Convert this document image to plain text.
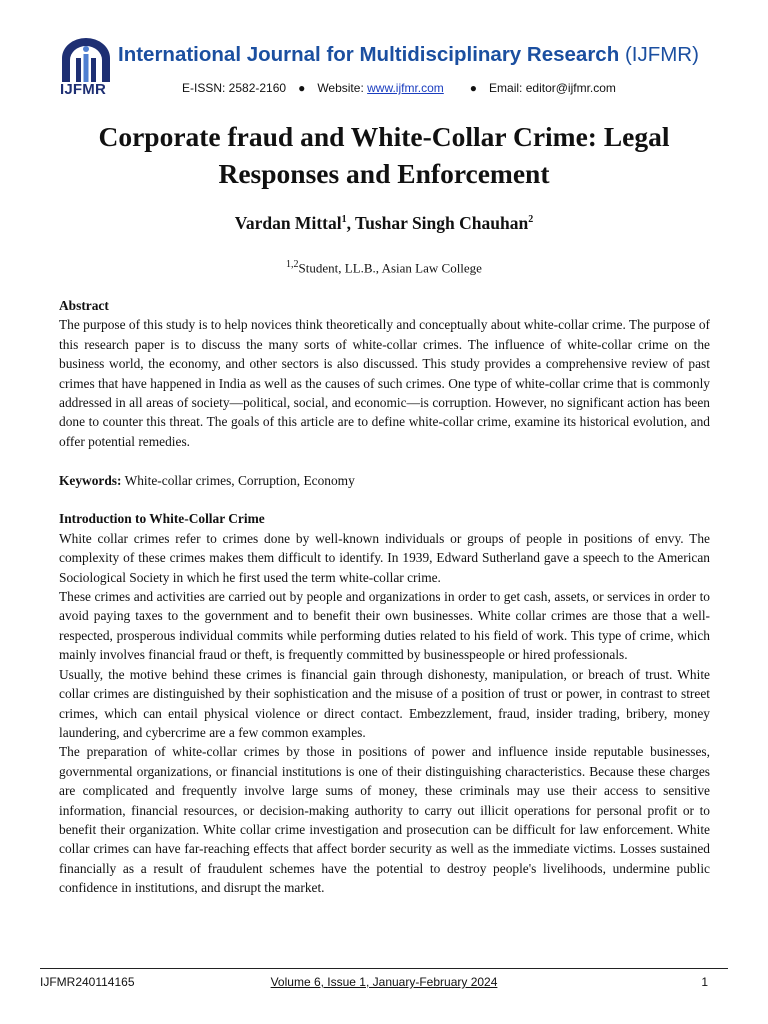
IJFMR
International Journal for Multidisciplinary Research (IJFMR)
E-ISSN: 2582-2160 ● Website: www.ijfmr.com ● Email: editor@ijfmr.com
Corporate fraud and White-Collar Crime: Legal Responses and Enforcement
Vardan Mittal$^1$, Tushar Singh Chauhan$^2$
$^{1,2}$Student, LL.B., Asian Law College
Abstract

The purpose of this study is to help novices think theoretically and conceptually about white-collar crime. The purpose of this research paper is to discuss the many sorts of white-collar crimes. The influence of white-collar crime on the business world, the economy, and other sectors is also discussed. This study provides a comprehensive review of past crimes that have happened in India as well as the causes of such crimes. One type of white-collar crime that is commonly addressed in all areas of society—political, social, and economic—is corruption. However, no significant action has been done to counter this threat. The goals of this article are to define white-collar crime, examine its historical evolution, and offer potential remedies.

Keywords: White-collar crimes, Corruption, Economy

Introduction to White-Collar Crime

White collar crimes refer to crimes done by well-known individuals or groups of people in positions of envy. The complexity of these crimes makes them difficult to identify. In 1939, Edward Sutherland gave a speech to the American Sociological Society in which he first used the term white-collar crime.

These crimes and activities are carried out by people and organizations in order to get cash, assets, or services in order to avoid paying taxes to the government and to benefit their own businesses. White collar crimes are those that a well-respected, prosperous individual commits while performing duties related to his field of work. This type of crime, which mainly involves financial fraud or theft, is frequently committed by businesspeople or hired professionals.

Usually, the motive behind these crimes is financial gain through dishonesty, manipulation, or breach of trust. White collar crimes are distinguished by their sophistication and the misuse of a position of trust or power, in contrast to street crimes, which can entail physical violence or direct contact. Embezzlement, fraud, insider trading, bribery, money laundering, and cybercrime are a few common examples.

The preparation of white-collar crimes by those in positions of power and influence inside reputable businesses, governmental organizations, or financial institutions is one of their distinguishing characteristics. Because these charges are complicated and frequently involve large sums of money, these criminals may use their access to sensitive information, financial resources, or decision-making authority to carry out illicit operations for personal profit or to benefit their organization. White collar crime investigation and prosecution can be difficult for law enforcement. White collar crimes can have far-reaching effects that affect border security as well as the immediate victims. Losses sustained financially as a result of fraudulent schemes have the potential to destroy people's livelihoods, undermine public confidence in institutions, and disrupt the market.

IJFMR240114165	Volume 6, Issue 1, January-February 2024	1
